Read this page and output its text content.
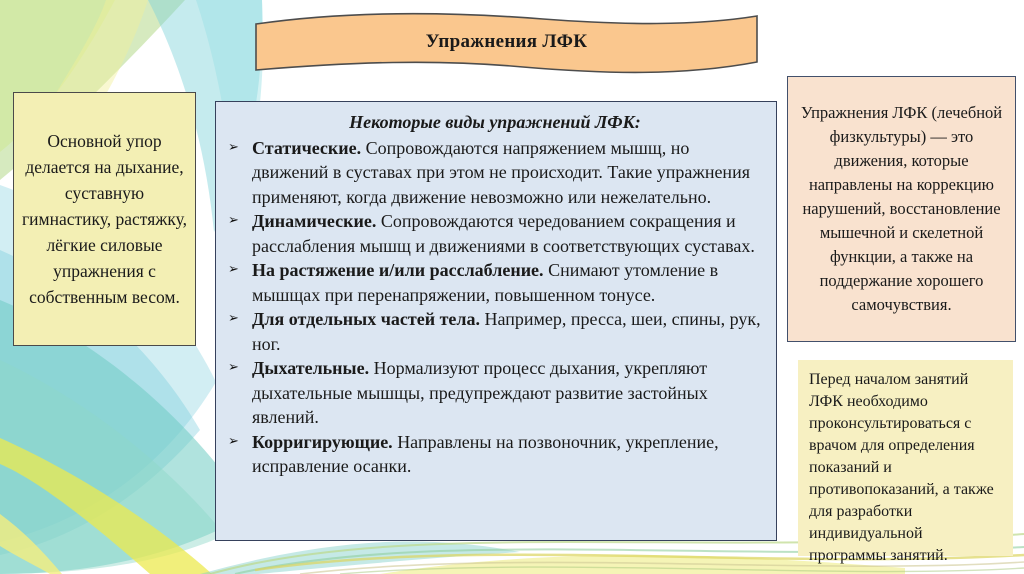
Упражнения ЛФК
Основной упор делается на дыхание, суставную гимнастику, растяжку, лёгкие силовые упражнения с собственным весом.
Некоторые виды упражнений ЛФК:
➢ Статические. Сопровождаются напряжением мышщ, но движений в суставах при этом не происходит. Такие упражнения применяют, когда движение невозможно или нежелательно.
➢ Динамические. Сопровождаются чередованием сокращения и расслабления мышщ и движениями в соответствующих суставах.
➢ На растяжение и/или расслабление. Снимают утомление в мышщах при перенапряжении, повышенном тонусе.
➢ Для отдельных частей тела. Например, пресса, шеи, спины, рук, ног.
➢ Дыхательные. Нормализуют процесс дыхания, укрепляют дыхательные мышщы, предупреждают развитие застойных явлений.
➢ Корригирующие. Направлены на позвоночник, укрепление, исправление осанки.
Упражнения ЛФК (лечебной физкультуры) — это движения, которые направлены на коррекцию нарушений, восстановление мышечной и скелетной функции, а также на поддержание хорошего самочувствия.

Перед началом занятий ЛФК необходимо проконсультироваться с врачом для определения показаний и противопоказаний, а также для разработки индивидуальной программы занятий.
